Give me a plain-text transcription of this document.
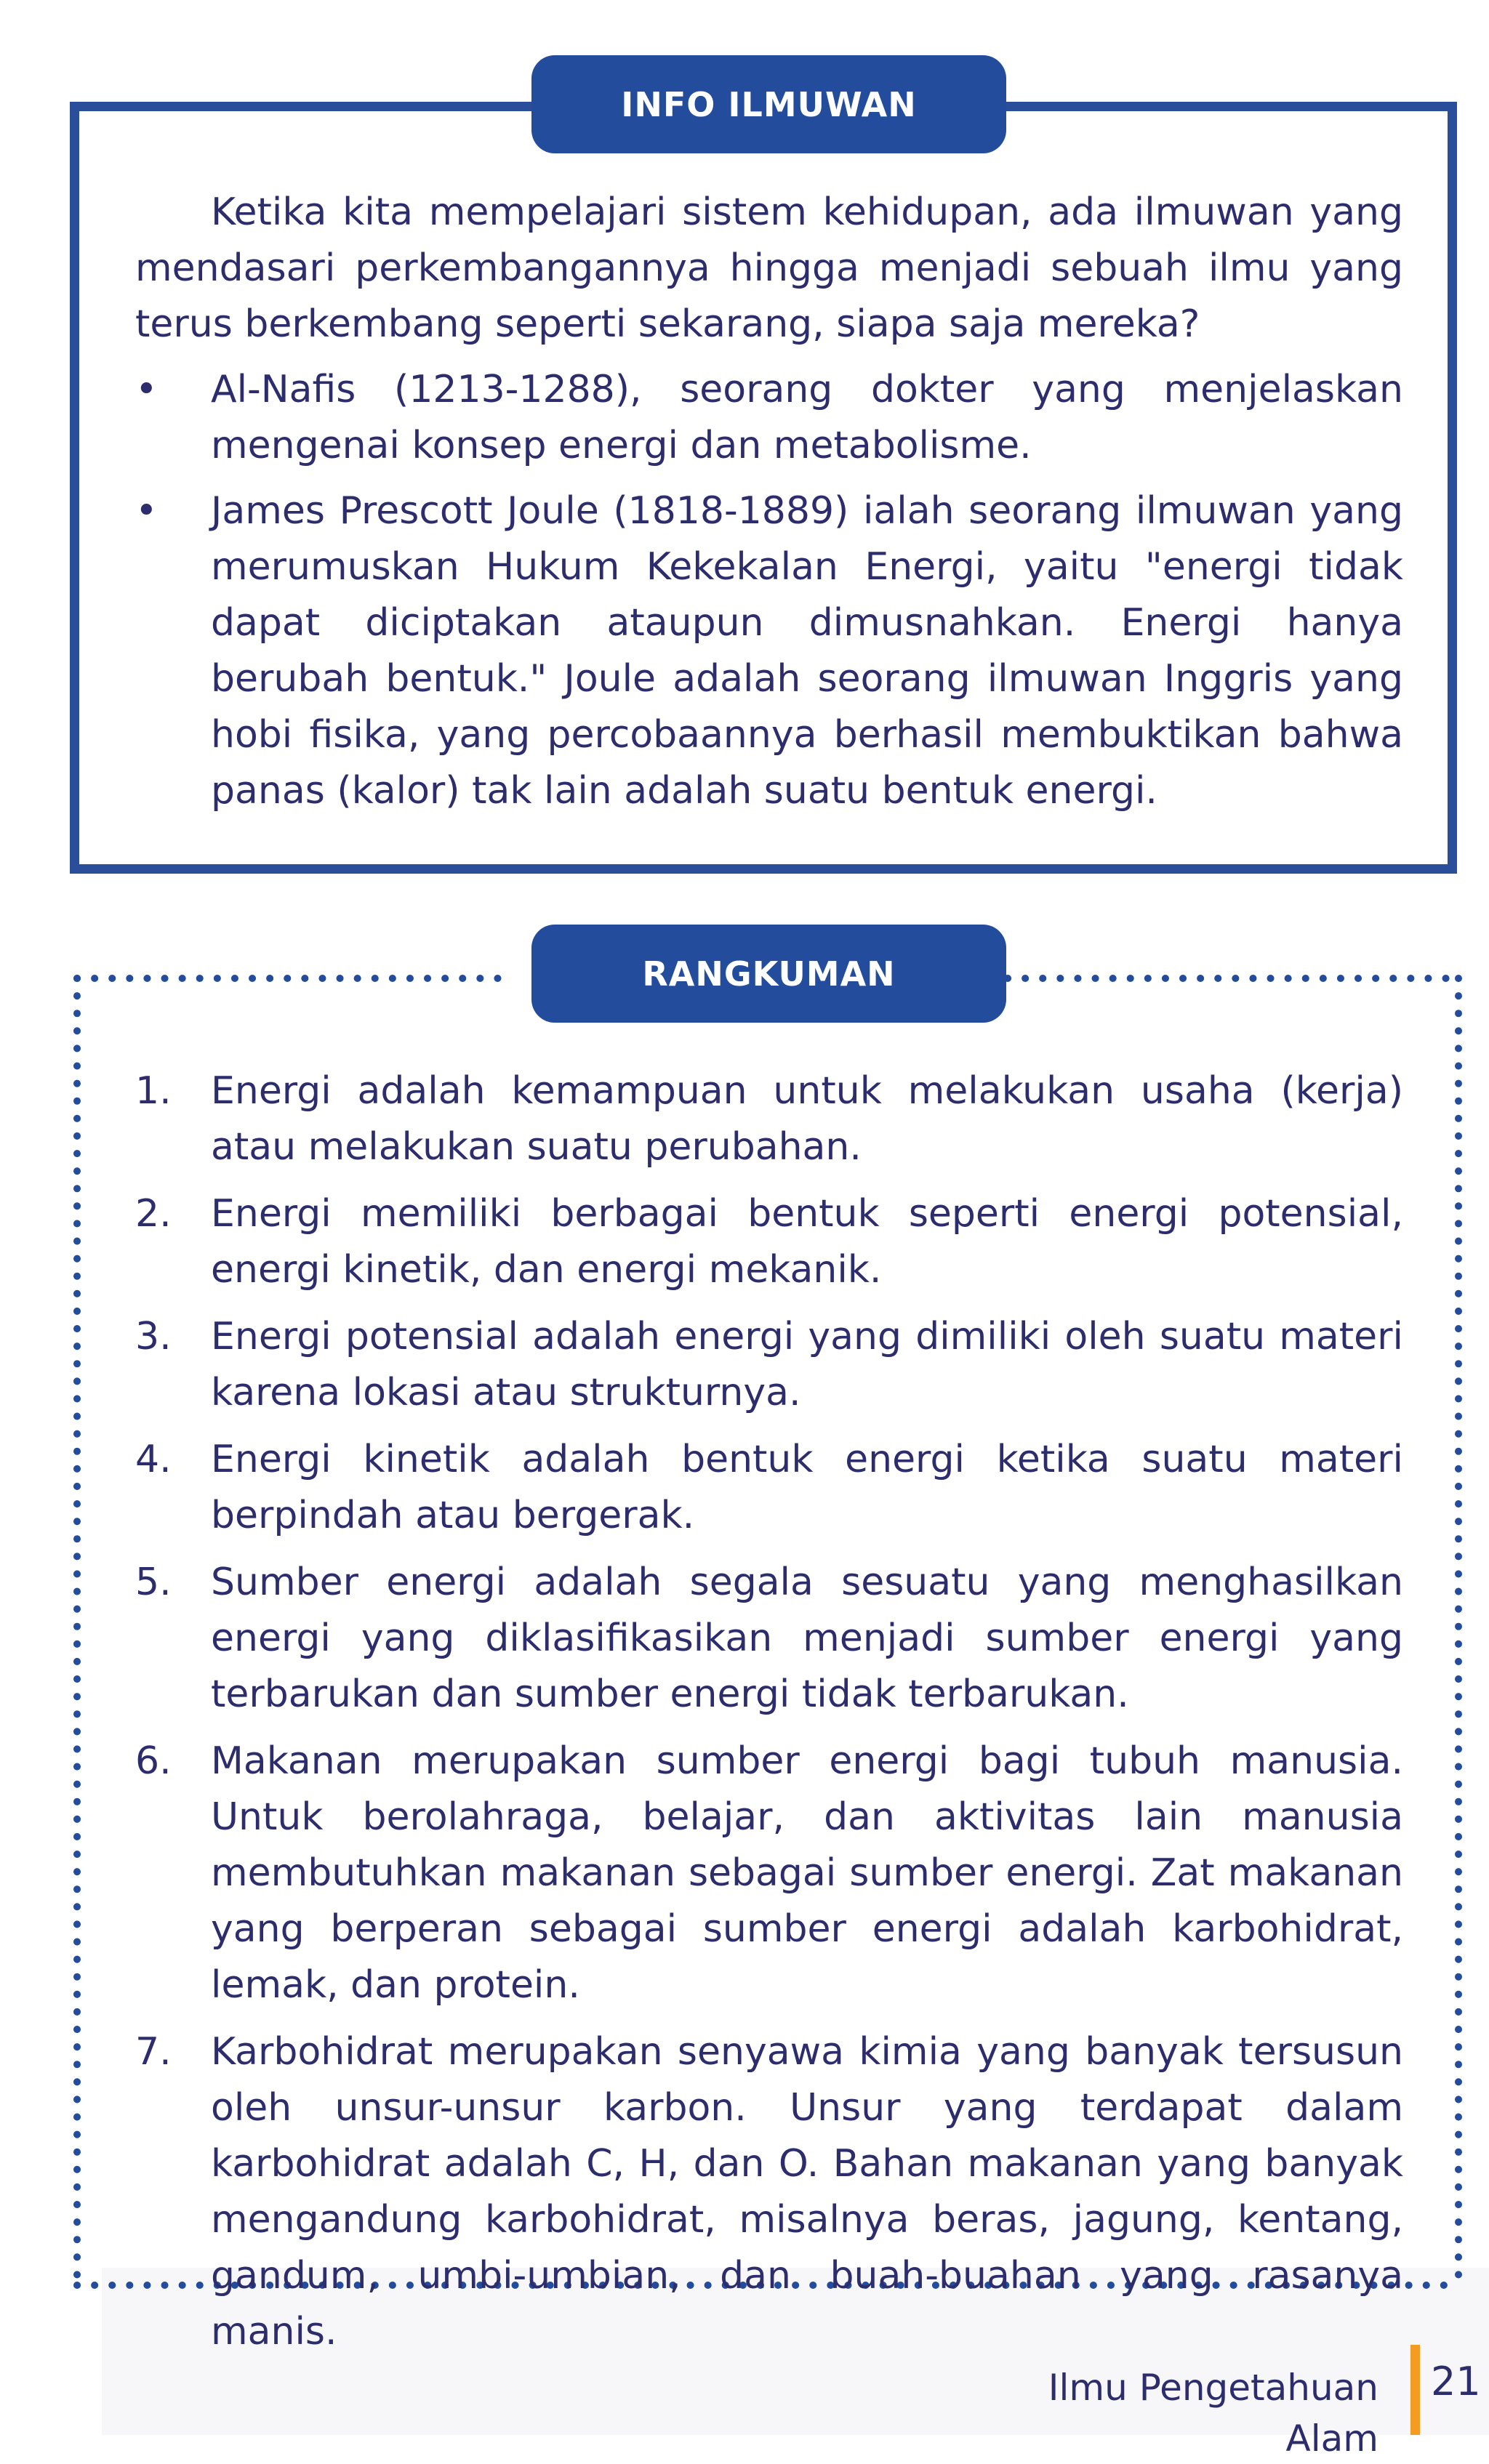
INFO ILMUWAN

Ketika kita mempelajari sistem kehidupan, ada ilmuwan yang mendasari perkembangannya hingga menjadi sebuah ilmu yang terus berkembang seperti sekarang, siapa saja mereka?

• Al-Nafis (1213-1288), seorang dokter yang menjelaskan mengenai konsep energi dan metabolisme.
• James Prescott Joule (1818-1889) ialah seorang ilmuwan yang merumuskan Hukum Kekekalan Energi, yaitu "energi tidak dapat diciptakan ataupun dimusnahkan. Energi hanya berubah bentuk." Joule adalah seorang ilmuwan Inggris yang hobi fisika, yang percobaannya berhasil membuktikan bahwa panas (kalor) tak lain adalah suatu bentuk energi.
RANGKUMAN
1. Energi adalah kemampuan untuk melakukan usaha (kerja) atau melakukan suatu perubahan.
2. Energi memiliki berbagai bentuk seperti energi potensial, energi kinetik, dan energi mekanik.
3. Energi potensial adalah energi yang dimiliki oleh suatu materi karena lokasi atau strukturnya.
4. Energi kinetik adalah bentuk energi ketika suatu materi berpindah atau bergerak.
5. Sumber energi adalah segala sesuatu yang menghasilkan energi yang diklasifikasikan menjadi sumber energi yang terbarukan dan sumber energi tidak terbarukan.
6. Makanan merupakan sumber energi bagi tubuh manusia. Untuk berolahraga, belajar, dan aktivitas lain manusia membutuhkan makanan sebagai sumber energi. Zat makanan yang berperan sebagai sumber energi adalah karbohidrat, lemak, dan protein.
7. Karbohidrat merupakan senyawa kimia yang banyak tersusun oleh unsur-unsur karbon. Unsur yang terdapat dalam karbohidrat adalah C, H, dan O. Bahan makanan yang banyak mengandung karbohidrat, misalnya beras, jagung, kentang, gandum, umbi-umbian, dan buah-buahan yang rasanya manis.
Ilmu Pengetahuan Alam
21
